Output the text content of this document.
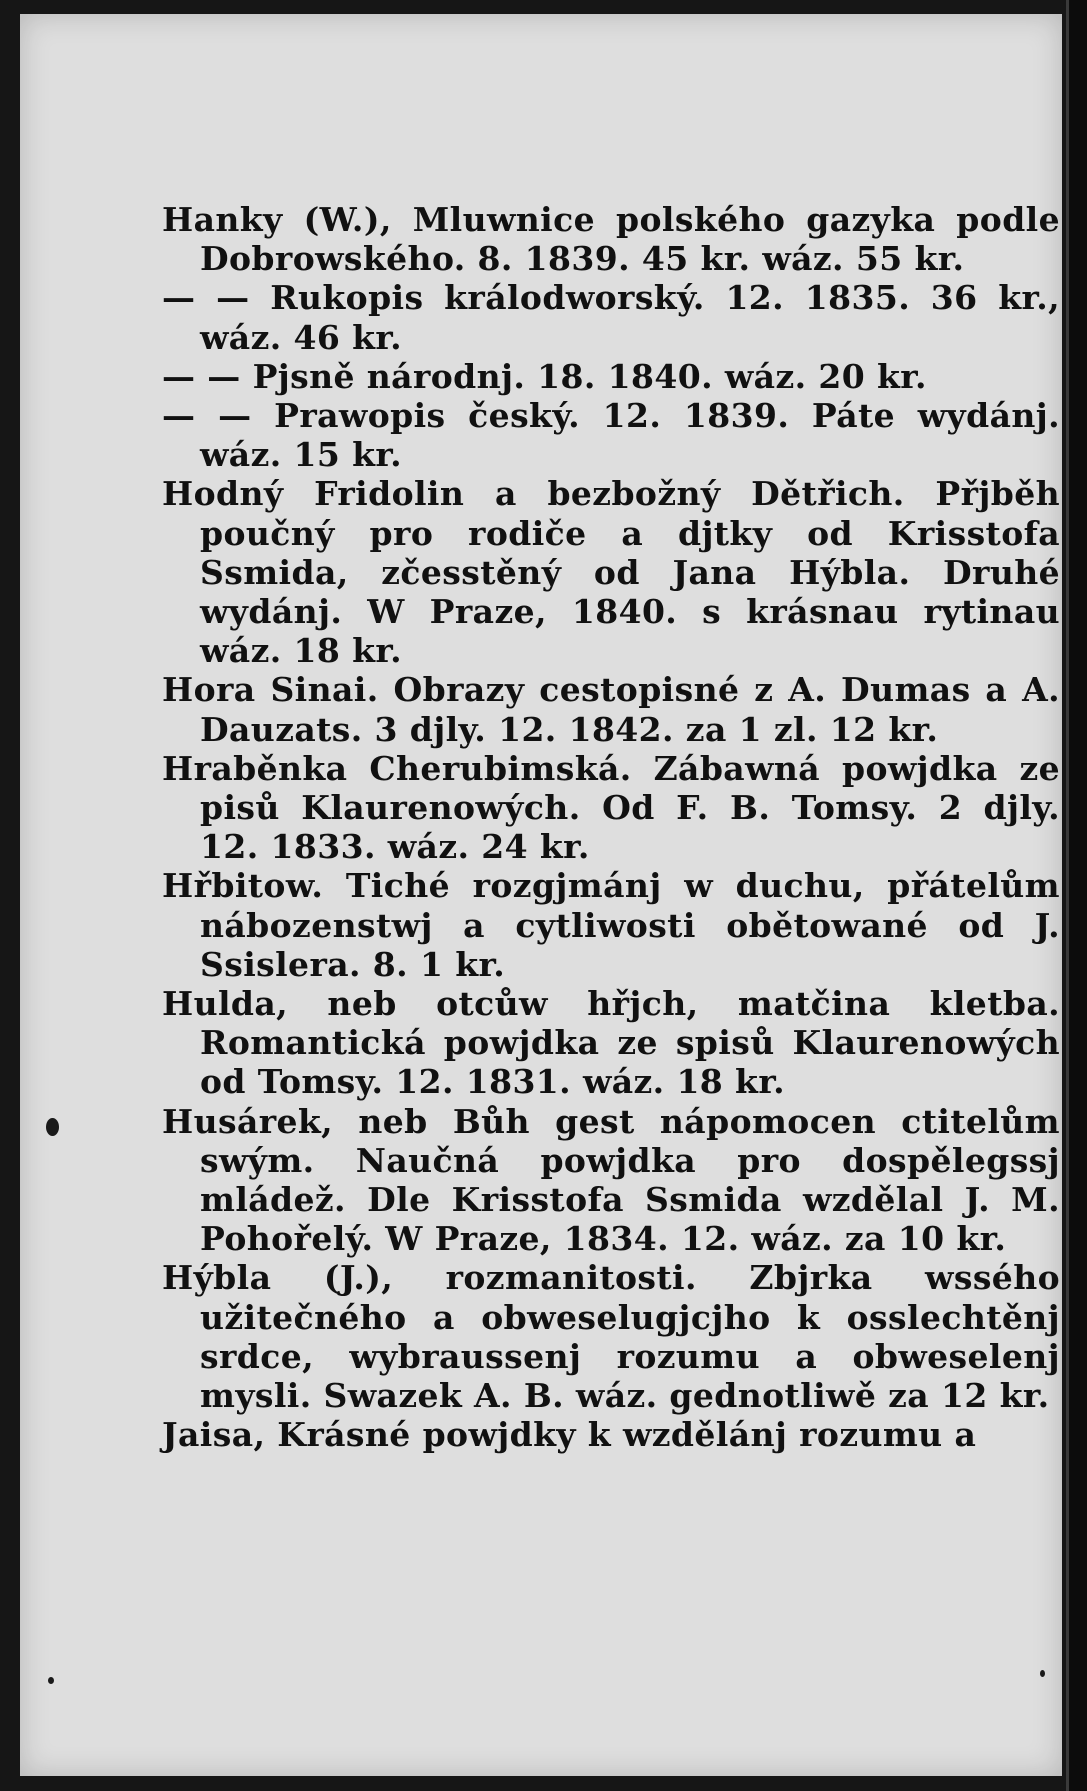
Hanky (W.), Mluwnice polského gazyka podle Dobrowského. 8. 1839. 45 kr. wáz. 55 kr.

— — Rukopis králodworský. 12. 1835. 36 kr., wáz. 46 kr.

— — Pjsně národnj. 18. 1840. wáz. 20 kr.

— — Prawopis český. 12. 1839. Páte wydánj. wáz. 15 kr.

Hodný Fridolin a bezbožný Dětřich. Přjběh poučný pro rodiče a djtky od Krisstofa Ssmida, zčesstěný od Jana Hýbla. Druhé wydánj. W Praze, 1840. s krásnau rytinau wáz. 18 kr.

Hora Sinai. Obrazy cestopisné z A. Dumas a A. Dauzats. 3 djly. 12. 1842. za 1 zl. 12 kr.

Hraběnka Cherubimská. Zábawná powjdka ze pisů Klaurenowých. Od F. B. Tomsy. 2 djly. 12. 1833. wáz. 24 kr.

Hřbitow. Tiché rozgjmánj w duchu, přátelům nábozenstwj a cytliwosti obětowané od J. Ssislera. 8. 1 kr.

Hulda, neb otcůw hřjch, matčina kletba. Romantická powjdka ze spisů Klaurenowých od Tomsy. 12. 1831. wáz. 18 kr.

Husárek, neb Bůh gest nápomocen ctitelům swým. Naučná powjdka pro dospělegssj mládež. Dle Krisstofa Ssmida wzdělal J. M. Pohořelý. W Praze, 1834. 12. wáz. za 10 kr.

Hýbla (J.), rozmanitosti. Zbjrka wssého užitečného a obweselugjcjho k osslechtěnj srdce, wybraussenj rozumu a obweselenj mysli. Swazek A. B. wáz. gednotliwě za 12 kr.

Jaisa, Krásné powjdky k wzdělánj rozumu a
